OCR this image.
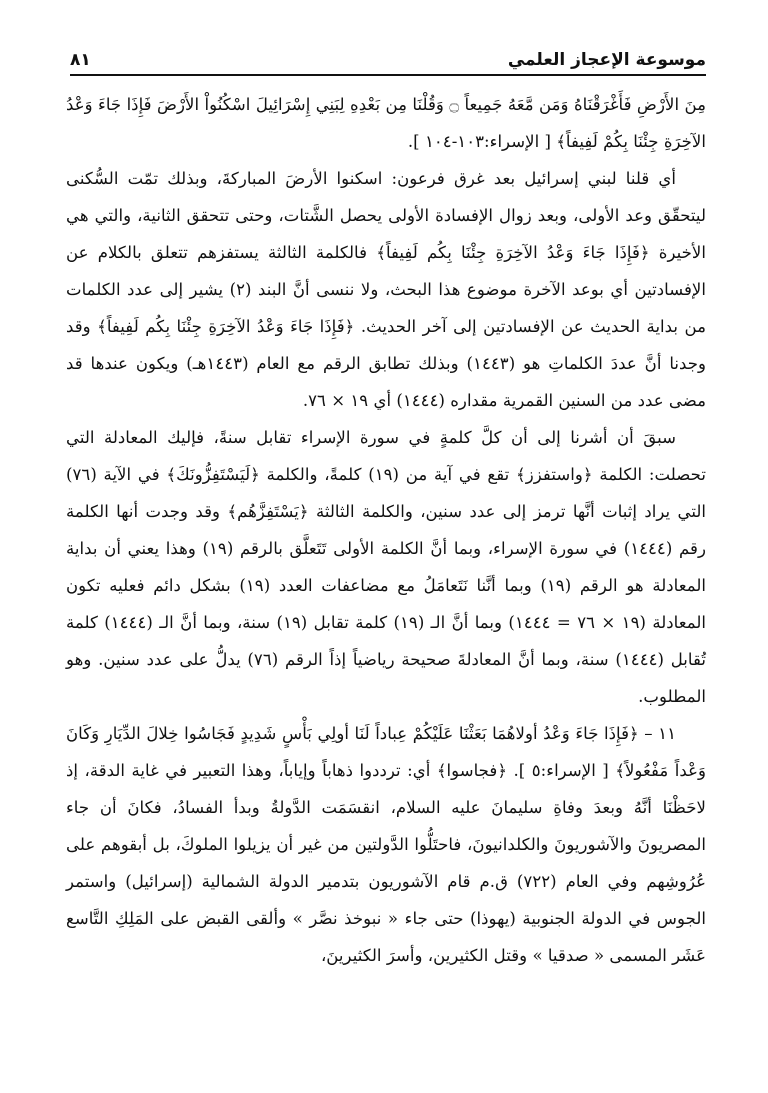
موسوعة الإعجاز العلمي
٨١

مِنَ الأَرْضِ فَأَغْرَقْنَاهُ وَمَن مَّعَهُ جَمِيعاً ۝ وَقُلْنَا مِن بَعْدِهِ لِبَنِي إِسْرَائِيلَ اسْكُنُواْ الأَرْضَ فَإِذَا جَاءَ وَعْدُ الآخِرَةِ جِئْنَا بِكُمْ لَفِيفاً﴾ [ الإسراء:١٠٣-١٠٤ ].

أي قلنا لبني إسرائيل بعد غرق فرعون: اسكنوا الأرضَ المباركةَ، وبذلك تمّت السُّكنى ليتحقّق وعد الأولى، وبعد زوال الإفسادة الأولى يحصل الشَّتات، وحتى تتحقق الثانية، والتي هي الأخيرة ﴿فَإِذَا جَاءَ وَعْدُ الآخِرَةِ جِئْنَا بِكُم لَفِيفاً﴾ فالكلمة الثالثة يستفزهم تتعلق بالكلام عن الإفسادتين أي بوعد الآخرة موضوع هذا البحث، ولا ننسى أنَّ البند (٢) يشير إلى عدد الكلمات من بداية الحديث عن الإفسادتين إلى آخر الحديث. ﴿فَإِذَا جَاءَ وَعْدُ الآخِرَةِ جِئْنَا بِكُم لَفِيفاً﴾ وقد وجدنا أنَّ عددَ الكلماتِ هو (١٤٤٣) وبذلك تطابق الرقم مع العام (١٤٤٣هـ) ويكون عندها قد مضى عدد من السنين القمرية مقداره (١٤٤٤) أي ١٩ × ٧٦.

سبقَ أن أشرنا إلى أن كلَّ كلمةٍ في سورة الإسراء تقابل سنةً، فإليك المعادلة التي تحصلت: الكلمة ﴿واستفزز﴾ تقع في آية من (١٩) كلمةً، والكلمة ﴿لَيَسْتَفِزُّونَكَ﴾ في الآية (٧٦) التي يراد إثبات أنَّها ترمز إلى عدد سنين، والكلمة الثالثة ﴿يَسْتَفِزَّهُم﴾ وقد وجدت أنها الكلمة رقم (١٤٤٤) في سورة الإسراء، وبما أنَّ الكلمة الأولى تَتَعلَّق بالرقم (١٩) وهذا يعني أن بداية المعادلة هو الرقم (١٩) وبما أنَّنا نَتَعامَلُ مع مضاعفات العدد (١٩) بشكل دائم فعليه تكون المعادلة (١٩ × ٧٦ = ١٤٤٤) وبما أنَّ الـ (١٩) كلمة تقابل (١٩) سنة، وبما أنَّ الـ (١٤٤٤) كلمة تُقابل (١٤٤٤) سنة، وبما أنَّ المعادلةَ صحيحة رياضياً إذاً الرقم (٧٦) يدلُّ على عدد سنين. وهو المطلوب.

١١ – ﴿فَإِذَا جَاءَ وَعْدُ أولاهُمَا بَعَثْنَا عَلَيْكُمْ عِباداً لَنَا أولِي بَأْسٍ شَدِيدٍ فَجَاسُوا خِلالَ الدِّيَارِ وَكَانَ وَعْداً مَفْعُولاً﴾ [ الإسراء:٥ ]. ﴿فجاسوا﴾ أي: ترددوا ذهاباً وإياباً، وهذا التعبير في غاية الدقة، إذ لاحَظْنَا أنَّهُ وبعدَ وفاةِ سليمانَ عليه السلام، انقسَمَت الدَّولةُ وبدأ الفسادُ، فكانَ أن جاء المصريونَ والآشوريونَ والكلدانيونَ، فاحتَلُّوا الدَّولتين من غير أن يزيلوا الملوكَ، بل أبقوهم على عُرُوشِهم وفي العام (٧٢٢) ق.م قام الآشوريون بتدمير الدولة الشمالية (إسرائيل) واستمر الجوس في الدولة الجنوبية (يهوذا) حتى جاء « نبوخذ نصَّر » وألقى القبض على المَلِكِ التَّاسع عَشَر المسمى « صدقيا » وقتل الكثيرين، وأسرَ الكثيرينَ،
